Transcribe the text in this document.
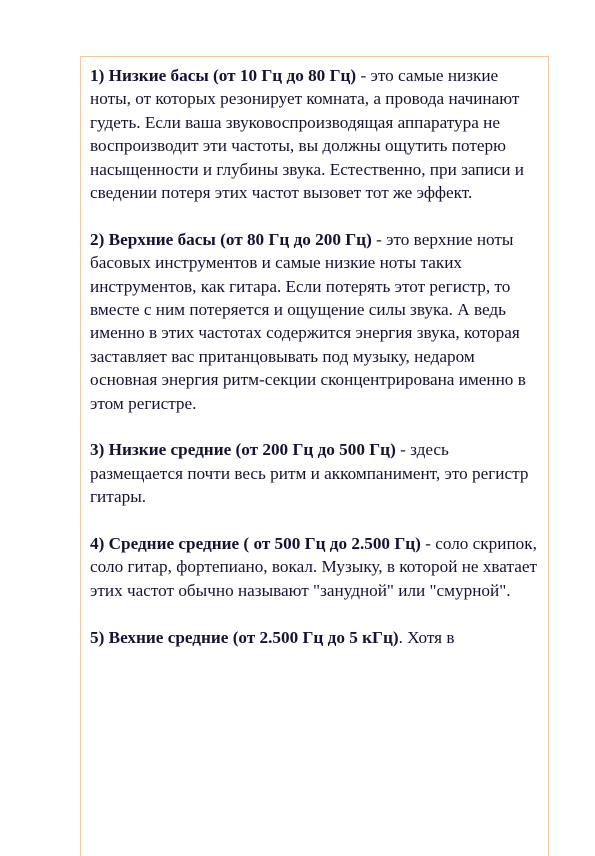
1) Низкие басы (от 10 Гц до 80 Гц) - это самые низкие ноты, от которых резонирует комната, а провода начинают гудеть. Если ваша звуковоспроизводящая аппаратура не воспроизводит эти частоты, вы должны ощутить потерю насыщенности и глубины звука. Естественно, при записи и сведении потеря этих частот вызовет тот же эффект.

2) Верхние басы (от 80 Гц до 200 Гц) - это верхние ноты басовых инструментов и самые низкие ноты таких инструментов, как гитара. Если потерять этот регистр, то вместе с ним потеряется и ощущение силы звука. А ведь именно в этих частотах содержится энергия звука, которая заставляет вас пританцовывать под музыку, недаром основная энергия ритм-секции сконцентрирована именно в этом регистре.

3) Низкие средние (от 200 Гц до 500 Гц) - здесь размещается почти весь ритм и аккомпанимент, это регистр гитары.

4) Средние средние ( от 500 Гц до 2.500 Гц) - соло скрипок, соло гитар, фортепиано, вокал. Музыку, в которой не хватает этих частот обычно называют "занудной" или "смурной".

5) Вехние средние (от 2.500 Гц до 5 кГц). Хотя в
